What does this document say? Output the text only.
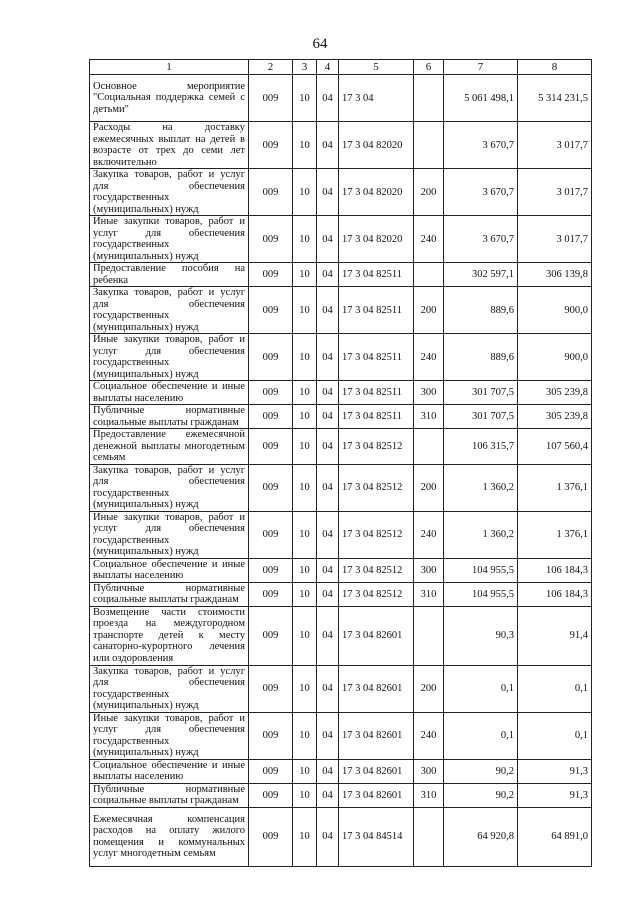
64
1	2	3	4	5	6	7	8
Основное мероприятие "Социальная поддержка семей с детьми"	009	10	04	17 3 04		5 061 498,1	5 314 231,5
Расходы на доставку ежемесячных выплат на детей в возрасте от трех до семи лет включительно	009	10	04	17 3 04 82020		3 670,7	3 017,7
Закупка товаров, работ и услуг для обеспечения государственных (муниципальных) нужд	009	10	04	17 3 04 82020	200	3 670,7	3 017,7
Иные закупки товаров, работ и услуг для обеспечения государственных (муниципальных) нужд	009	10	04	17 3 04 82020	240	3 670,7	3 017,7
Предоставление пособия на ребенка	009	10	04	17 3 04 82511		302 597,1	306 139,8
Закупка товаров, работ и услуг для обеспечения государственных (муниципальных) нужд	009	10	04	17 3 04 82511	200	889,6	900,0
Иные закупки товаров, работ и услуг для обеспечения государственных (муниципальных) нужд	009	10	04	17 3 04 82511	240	889,6	900,0
Социальное обеспечение и иные выплаты населению	009	10	04	17 3 04 82511	300	301 707,5	305 239,8
Публичные нормативные социальные выплаты гражданам	009	10	04	17 3 04 82511	310	301 707,5	305 239,8
Предоставление ежемесячной денежной выплаты многодетным семьям	009	10	04	17 3 04 82512		106 315,7	107 560,4
Закупка товаров, работ и услуг для обеспечения государственных (муниципальных) нужд	009	10	04	17 3 04 82512	200	1 360,2	1 376,1
Иные закупки товаров, работ и услуг для обеспечения государственных (муниципальных) нужд	009	10	04	17 3 04 82512	240	1 360,2	1 376,1
Социальное обеспечение и иные выплаты населению	009	10	04	17 3 04 82512	300	104 955,5	106 184,3
Публичные нормативные социальные выплаты гражданам	009	10	04	17 3 04 82512	310	104 955,5	106 184,3
Возмещение части стоимости проезда на междугородном транспорте детей к месту санаторно-курортного лечения или оздоровления	009	10	04	17 3 04 82601		90,3	91,4
Закупка товаров, работ и услуг для обеспечения государственных (муниципальных) нужд	009	10	04	17 3 04 82601	200	0,1	0,1
Иные закупки товаров, работ и услуг для обеспечения государственных (муниципальных) нужд	009	10	04	17 3 04 82601	240	0,1	0,1
Социальное обеспечение и иные выплаты населению	009	10	04	17 3 04 82601	300	90,2	91,3
Публичные нормативные социальные выплаты гражданам	009	10	04	17 3 04 82601	310	90,2	91,3
Ежемесячная компенсация расходов на оплату жилого помещения и коммунальных услуг многодетным семьям	009	10	04	17 3 04 84514		64 920,8	64 891,0
